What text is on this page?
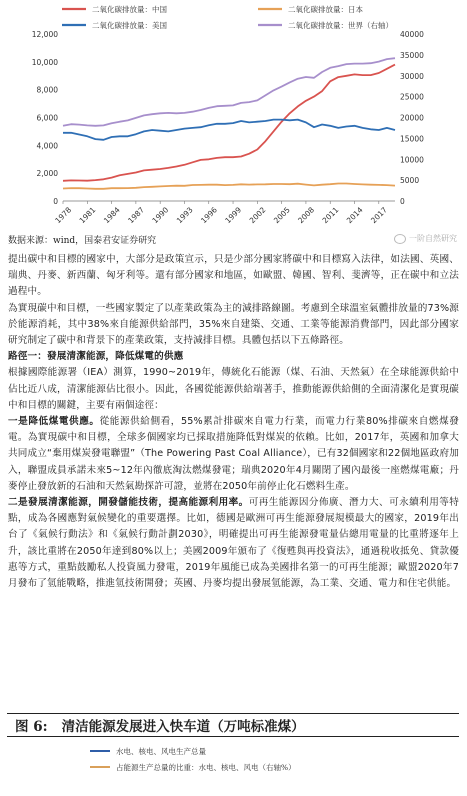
二氧化碳排放量：中国	二氧化碳排放量：日本
二氧化碳排放量：美国	二氧化碳排放量：世界（右轴）
0
2,000
4,000
6,000
8,000
10,000
12,000
0
5000
10000
15000
20000
25000
30000
35000
40000
1978 1981 1984 1987 1990 1993 1996 1999 2002 2005 2008 2011 2014 2017
数据来源：wind，国泰君安证券研究	一阶自然研究

提出碳中和目標的國家中，大部分是政策宣示，只是少部分國家將碳中和目標寫入法律，如法國、英國、瑞典、丹麥、新西蘭、匈牙利等。還有部分國家和地區，如歐盟、韓國、智利、斐濟等，正在碳中和立法過程中。

為實現碳中和目標，一些國家製定了以產業政策為主的減排路線圖。考慮到全球溫室氣體排放量的73%源於能源消耗，其中38%來自能源供給部門，35%來自建築、交通、工業等能源消費部門，因此部分國家研究制定了碳中和背景下的產業政策，支持減排目標。具體包括以下五條路徑。

路徑一：發展清潔能源，降低煤電的供應

根據國際能源署（IEA）測算，1990~2019年，傳統化石能源（煤、石油、天然氣）在全球能源供給中佔比近八成，清潔能源佔比很小。因此，各國從能源供給端著手，推動能源供給側的全面清潔化是實現碳中和目標的關鍵，主要有兩個途徑：

一是降低煤電供應。從能源供給側看，55%累計排碳來自電力行業，而電力行業80%排碳來自燃煤發電。為實現碳中和目標，全球多個國家均已採取措施降低對煤炭的依賴。比如，2017年，英國和加拿大共同成立“棄用煤炭發電聯盟”（The Powering Past Coal Alliance），已有32個國家和22個地區政府加入，聯盟成員承諾未來5~12年內徹底淘汰燃煤發電；瑞典2020年4月關閉了國內最後一座燃煤電廠；丹麥停止發放新的石油和天然氣勘探許可證，並將在2050年前停止化石燃料生產。

二是發展清潔能源，開發儲能技術，提高能源利用率。可再生能源因分佈廣、潛力大、可永續利用等特點，成為各國應對氣候變化的重要選擇。比如，德國是歐洲可再生能源發展規模最大的國家，2019年出台了《氣候行動法》和《氣候行動計劃2030》，明確提出可再生能源發電量佔總用電量的比重將逐年上升，該比重將在2050年達到80%以上；美國2009年頒布了《復甦與再投資法》，通過稅收抵免、貸款優惠等方式，重點鼓勵私人投資風力發電，2019年風能已成為美國排名第一的可再生能源；歐盟2020年7月發布了氫能戰略，推進氫技術開發；英國、丹麥均提出發展氫能源，為工業、交通、電力和住宅供能。

图 6: 清洁能源发展进入快车道（万吨标准煤）
水电、核电、风电生产总量
占能源生产总量的比重：水电、核电、风电（右轴%）
